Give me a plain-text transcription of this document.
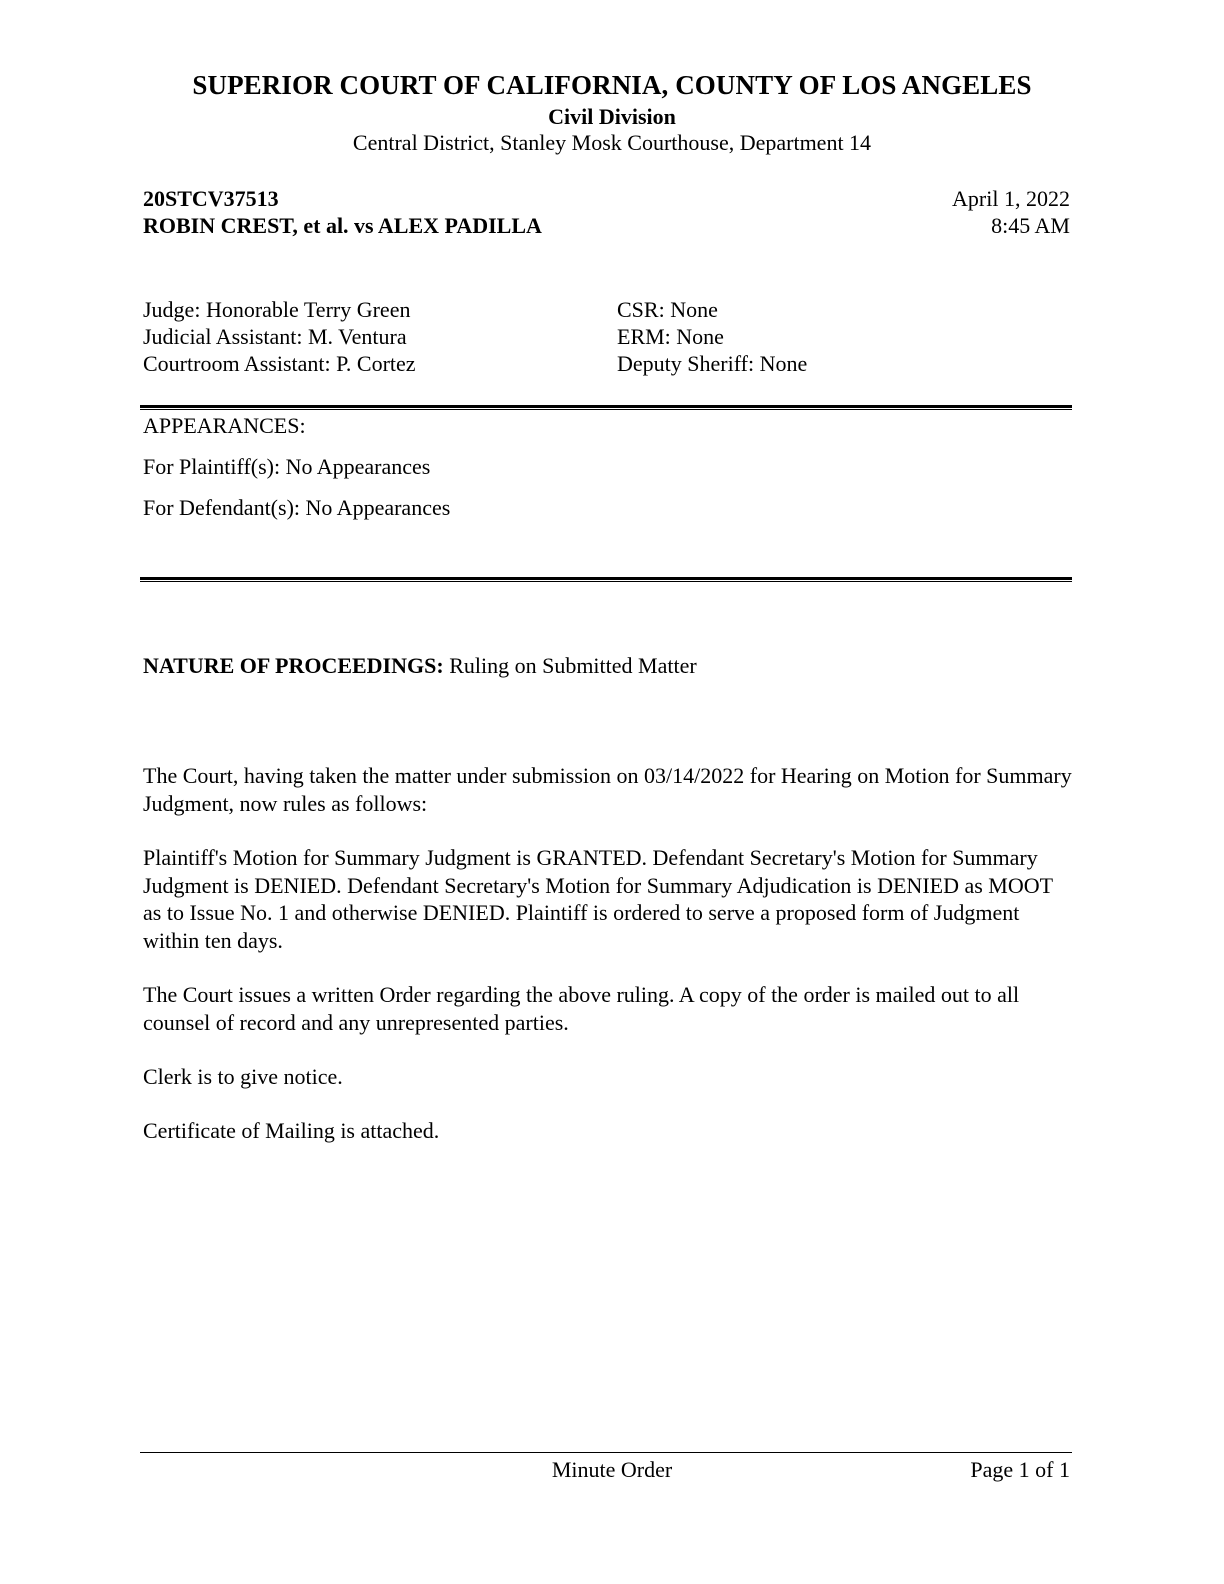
SUPERIOR COURT OF CALIFORNIA, COUNTY OF LOS ANGELES
Civil Division
Central District, Stanley Mosk Courthouse, Department 14
20STCV37513
ROBIN CREST, et al. vs ALEX PADILLA
April 1, 2022
8:45 AM
Judge: Honorable Terry Green
Judicial Assistant: M. Ventura
Courtroom Assistant: P. Cortez
CSR: None
ERM: None
Deputy Sheriff: None
APPEARANCES:
For Plaintiff(s): No Appearances
For Defendant(s): No Appearances
NATURE OF PROCEEDINGS: Ruling on Submitted Matter
The Court, having taken the matter under submission on 03/14/2022 for Hearing on Motion for Summary Judgment, now rules as follows:
Plaintiff's Motion for Summary Judgment is GRANTED. Defendant Secretary's Motion for Summary Judgment is DENIED. Defendant Secretary's Motion for Summary Adjudication is DENIED as MOOT as to Issue No. 1 and otherwise DENIED. Plaintiff is ordered to serve a proposed form of Judgment within ten days.
The Court issues a written Order regarding the above ruling. A copy of the order is mailed out to all counsel of record and any unrepresented parties.
Clerk is to give notice.
Certificate of Mailing is attached.
Minute Order	Page 1 of 1
